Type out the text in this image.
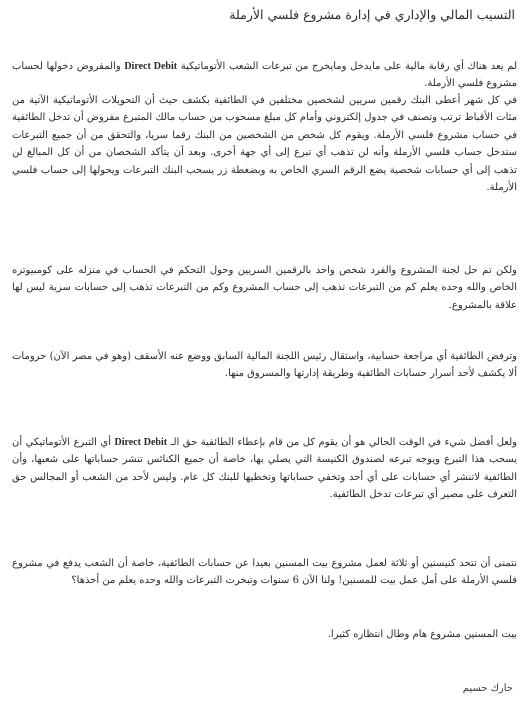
التسيب المالي والإداري في إدارة مشروع فلسي الأرملة

لم يعد هناك أي رقابة مالية على مايدخل ومايخرج من تبرعات الشعب الأتوماتيكية Direct Debit والمفروض دخولها لحساب مشروع فلسي الأرملة.

في كل شهر أعطى البنك رقمين سريين لشخصين مختلفين في الطائفية بكشف حيث أن التحويلات الأتوماتيكية الآتية من مئات الأقباط ترتب وتصنف في جدول إلكتروني وأمام كل مبلغ مسحوب من حساب مالك المتبرع مفروض أن تدخل الطائفية في حساب مشروع فلسي الأرملة. ويقوم كل شخص من الشخصين من البنك رقما سريا، والتحقق من أن جميع التبرعات ستدخل حساب فلسي الأرملة وأنه لن تذهب أي تبرع إلى أي جهة أخرى. وبعد أن يتأكد الشخصان من أن كل المبالغ لن تذهب إلى أي حسابات شخصية يضع الرقم السري الخاص به وبضغطة زر يسحب البنك التبرعات ويحولها إلى حساب فلسي الأرملة.

ولكن تم حل لجنة المشروع والفرد شخص واحد بالرقمين السريين وحول التحكم في الحساب في منزله على كومبيوتره الخاص والله وحده يعلم كم من التبرعات تذهب إلى حساب المشروع وكم من التبرعات تذهب إلى حسابات سرية ليس لها علاقة بالمشروع.

وترفض الطائفية أي مراجعة حسابية، واستقال رئيس اللجنة المالية السابق ووضع عنه الأسقف (وهو في مصر الآن) حرومات ألا يكشف لأحد أسرار حسابات الطائفية وطريقة إدارتها والمسروق منها.

ولعل أفضل شيء في الوقت الحالي هو أن يقوم كل من قام بإعطاء الطائفية حق الـ Direct Debit أي التبرع الأتوماتيكي أن يسحب هذا التبرع ويوجه تبرعه لصندوق الكنيسة التي يصلي بها، خاصة أن جميع الكنائس تنشر حساباتها على شعبها، وأن الطائفية لاتنشر أي حسابات على أي أحد وتخفي حساباتها وتخطيها للبنك كل عام. وليس لأحد من الشعب أو المجالس حق التعرف على مصير أي تبرعات تدخل الطائفية.

نتمنى أن تتحد كنيستين أو ثلاثة لعمل مشروع بيت المسنين بعيدا عن حسابات الطائفية، خاصة أن الشعب يدفع في مشروع فلسي الأرملة على أمل عمل بيت للمسنين! ولنا الآن 6 سنوات وتبخرت التبرعات والله وحده يعلم من أخذها؟

بيت المسنين مشروع هام وطال انتظاره كثيرا.

حارك حسيم
